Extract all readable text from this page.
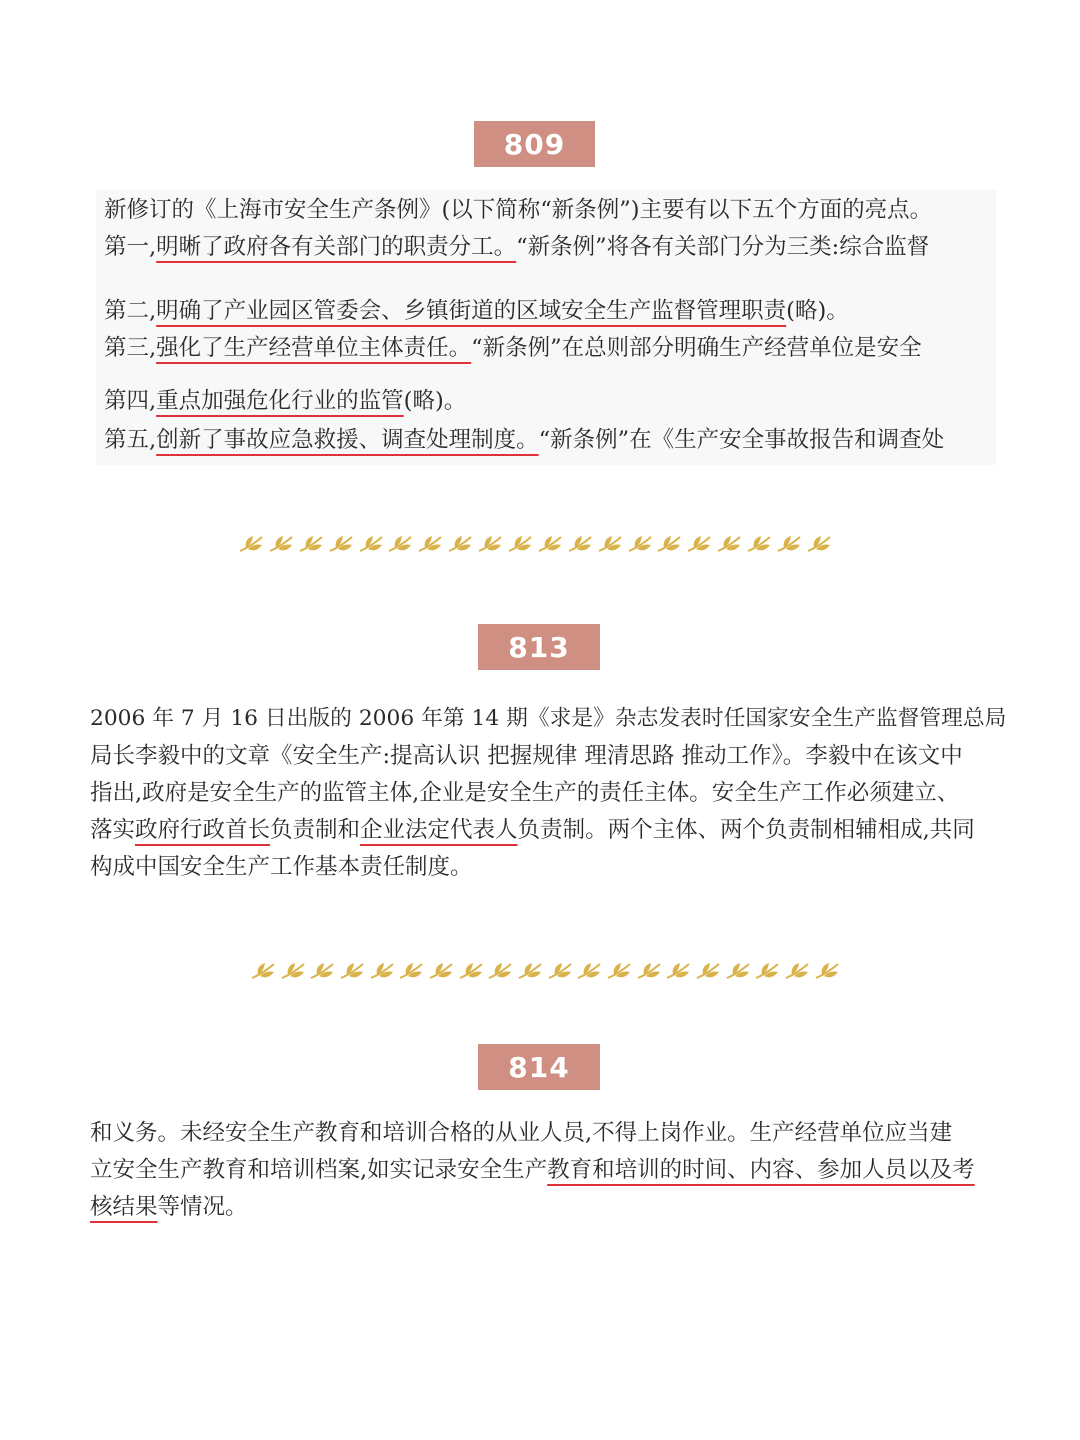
809
新修订的《上海市安全生产条例》(以下简称“新条例”)主要有以下五个方面的亮点。
第一,明晰了政府各有关部门的职责分工。“新条例”将各有关部门分为三类:综合监督
第二,明确了产业园区管委会、乡镇街道的区域安全生产监督管理职责(略)。
第三,强化了生产经营单位主体责任。“新条例”在总则部分明确生产经营单位是安全
第四,重点加强危化行业的监管(略)。
第五,创新了事故应急救援、调查处理制度。“新条例”在《生产安全事故报告和调查处
813
2006 年 7 月 16 日出版的 2006 年第 14 期《求是》杂志发表时任国家安全生产监督管理总局
局长李毅中的文章《安全生产:提高认识 把握规律 理清思路 推动工作》。李毅中在该文中
指出,政府是安全生产的监管主体,企业是安全生产的责任主体。安全生产工作必须建立、
落实政府行政首长负责制和企业法定代表人负责制。两个主体、两个负责制相辅相成,共同
构成中国安全生产工作基本责任制度。
814
和义务。未经安全生产教育和培训合格的从业人员,不得上岗作业。生产经营单位应当建
立安全生产教育和培训档案,如实记录安全生产教育和培训的时间、内容、参加人员以及考
核结果等情况。
